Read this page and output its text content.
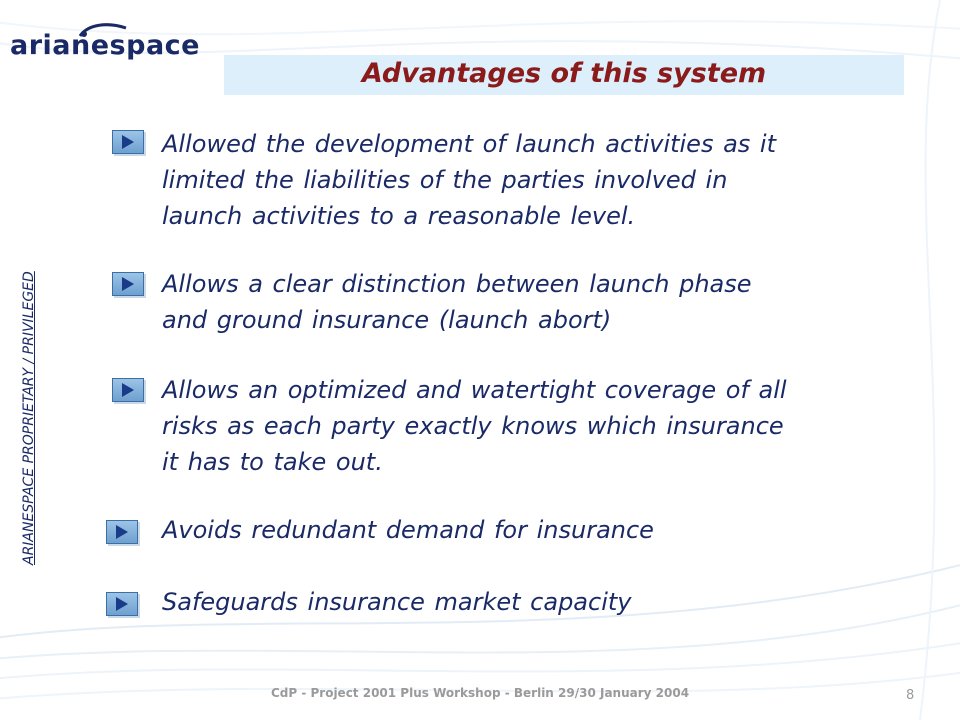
arianespace
Advantages of this system
ARIANESPACE PROPRIETARY / PRIVILEGED
Allowed the development of launch activities as it
limited the liabilities of the parties involved in
launch activities to a reasonable level.
Allows a clear distinction between launch phase
and ground insurance (launch abort)
Allows an optimized and watertight coverage of all
risks as each party exactly knows which insurance
it has to take out.
Avoids redundant demand for insurance
Safeguards insurance market capacity
CdP - Project 2001 Plus Workshop - Berlin 29/30 January 2004	8
